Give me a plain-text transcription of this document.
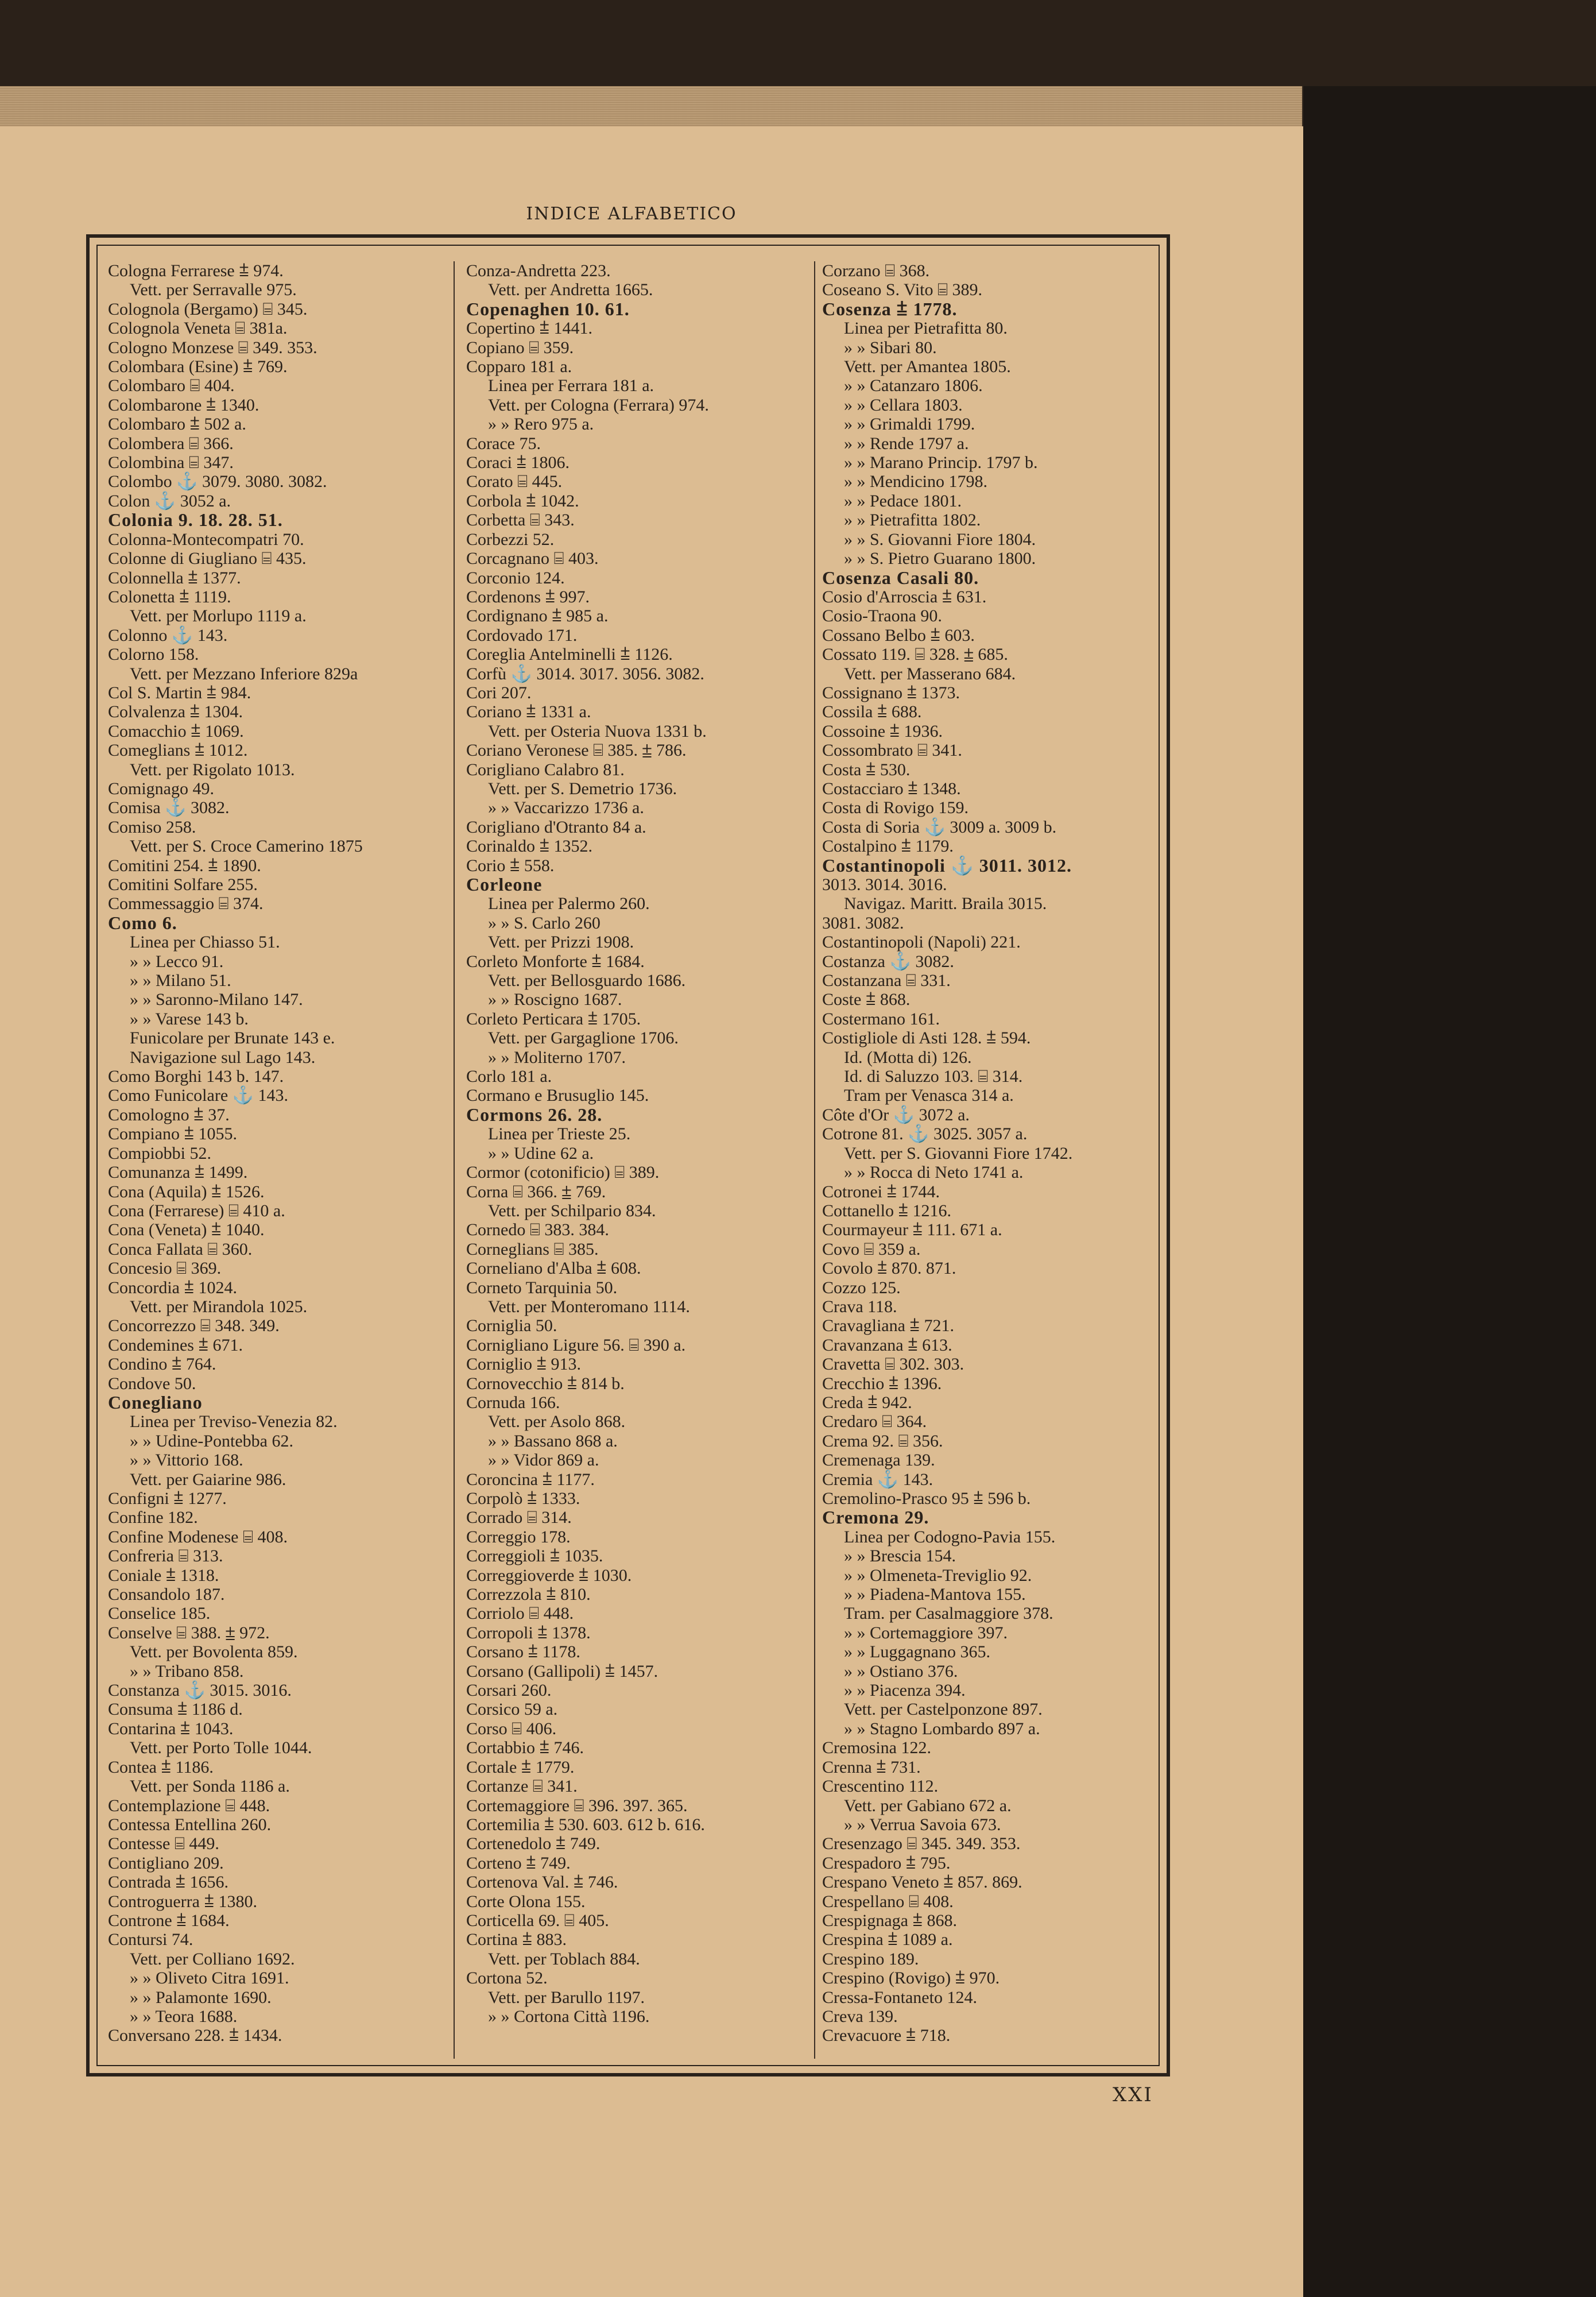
INDICE ALFABETICO
Cologna Ferrarese ⩲ 974.
Vett. per Serravalle 975.
Colognola (Bergamo) ⌸ 345.
Colognola Veneta ⌸ 381a.
Cologno Monzese ⌸ 349. 353.
Colombara (Esine) ⩲ 769.
Colombaro ⌸ 404.
Colombarone ⩲ 1340.
Colombaro ⩲ 502 a.
Colombera ⌸ 366.
Colombina ⌸ 347.
Colombo ⚓ 3079. 3080. 3082.
Colon ⚓ 3052 a.
Colonia 9. 18. 28. 51.
Colonna-Montecompatri 70.
Colonne di Giugliano ⌸ 435.
Colonnella ⩲ 1377.
Colonetta ⩲ 1119.
Vett. per Morlupo 1119 a.
Colonno ⚓ 143.
Colorno 158.
Vett. per Mezzano Inferiore 829a
Col S. Martin ⩲ 984.
Colvalenza ⩲ 1304.
Comacchio ⩲ 1069.
Comeglians ⩲ 1012.
Vett. per Rigolato 1013.
Comignago 49.
Comisa ⚓ 3082.
Comiso 258.
Vett. per S. Croce Camerino 1875
Comitini 254. ⩲ 1890.
Comitini Solfare 255.
Commessaggio ⌸ 374.
Como 6.
Linea per Chiasso 51.
» » Lecco 91.
» » Milano 51.
» » Saronno-Milano 147.
» » Varese 143 b.
Funicolare per Brunate 143 e.
Navigazione sul Lago 143.
Como Borghi 143 b. 147.
Como Funicolare ⚓ 143.
Comologno ⩲ 37.
Compiano ⩲ 1055.
Compiobbi 52.
Comunanza ⩲ 1499.
Cona (Aquila) ⩲ 1526.
Cona (Ferrarese) ⌸ 410 a.
Cona (Veneta) ⩲ 1040.
Conca Fallata ⌸ 360.
Concesio ⌸ 369.
Concordia ⩲ 1024.
Vett. per Mirandola 1025.
Concorrezzo ⌸ 348. 349.
Condemines ⩲ 671.
Condino ⩲ 764.
Condove 50.
Conegliano
Linea per Treviso-Venezia 82.
» » Udine-Pontebba 62.
» » Vittorio 168.
Vett. per Gaiarine 986.
Configni ⩲ 1277.
Confine 182.
Confine Modenese ⌸ 408.
Confreria ⌸ 313.
Coniale ⩲ 1318.
Consandolo 187.
Conselice 185.
Conselve ⌸ 388. ⩲ 972.
Vett. per Bovolenta 859.
» » Tribano 858.
Constanza ⚓ 3015. 3016.
Consuma ⩲ 1186 d.
Contarina ⩲ 1043.
Vett. per Porto Tolle 1044.
Contea ⩲ 1186.
Vett. per Sonda 1186 a.
Contemplazione ⌸ 448.
Contessa Entellina 260.
Contesse ⌸ 449.
Contigliano 209.
Contrada ⩲ 1656.
Controguerra ⩲ 1380.
Controne ⩲ 1684.
Contursi 74.
Vett. per Colliano 1692.
» » Oliveto Citra 1691.
» » Palamonte 1690.
» » Teora 1688.
Conversano 228. ⩲ 1434.
Conza-Andretta 223.
Vett. per Andretta 1665.
Copenaghen 10. 61.
Copertino ⩲ 1441.
Copiano ⌸ 359.
Copparo 181 a.
Linea per Ferrara 181 a.
Vett. per Cologna (Ferrara) 974.
» » Rero 975 a.
Corace 75.
Coraci ⩲ 1806.
Corato ⌸ 445.
Corbola ⩲ 1042.
Corbetta ⌸ 343.
Corbezzi 52.
Corcagnano ⌸ 403.
Corconio 124.
Cordenons ⩲ 997.
Cordignano ⩲ 985 a.
Cordovado 171.
Coreglia Antelminelli ⩲ 1126.
Corfù ⚓ 3014. 3017. 3056. 3082.
Cori 207.
Coriano ⩲ 1331 a.
Vett. per Osteria Nuova 1331 b.
Coriano Veronese ⌸ 385. ⩲ 786.
Corigliano Calabro 81.
Vett. per S. Demetrio 1736.
» » Vaccarizzo 1736 a.
Corigliano d'Otranto 84 a.
Corinaldo ⩲ 1352.
Corio ⩲ 558.
Corleone
Linea per Palermo 260.
» » S. Carlo 260
Vett. per Prizzi 1908.
Corleto Monforte ⩲ 1684.
Vett. per Bellosguardo 1686.
» » Roscigno 1687.
Corleto Perticara ⩲ 1705.
Vett. per Gargaglione 1706.
» » Moliterno 1707.
Corlo 181 a.
Cormano e Brusuglio 145.
Cormons 26. 28.
Linea per Trieste 25.
» » Udine 62 a.
Cormor (cotonificio) ⌸ 389.
Corna ⌸ 366. ⩲ 769.
Vett. per Schilpario 834.
Cornedo ⌸ 383. 384.
Corneglians ⌸ 385.
Corneliano d'Alba ⩲ 608.
Corneto Tarquinia 50.
Vett. per Monteromano 1114.
Corniglia 50.
Cornigliano Ligure 56. ⌸ 390 a.
Corniglio ⩲ 913.
Cornovecchio ⩲ 814 b.
Cornuda 166.
Vett. per Asolo 868.
» » Bassano 868 a.
» » Vidor 869 a.
Coroncina ⩲ 1177.
Corpolò ⩲ 1333.
Corrado ⌸ 314.
Correggio 178.
Correggioli ⩲ 1035.
Correggioverde ⩲ 1030.
Correzzola ⩲ 810.
Corriolo ⌸ 448.
Corropoli ⩲ 1378.
Corsano ⩲ 1178.
Corsano (Gallipoli) ⩲ 1457.
Corsari 260.
Corsico 59 a.
Corso ⌸ 406.
Cortabbio ⩲ 746.
Cortale ⩲ 1779.
Cortanze ⌸ 341.
Cortemaggiore ⌸ 396. 397. 365.
Cortemilia ⩲ 530. 603. 612 b. 616.
Cortenedolo ⩲ 749.
Corteno ⩲ 749.
Cortenova Val. ⩲ 746.
Corte Olona 155.
Corticella 69. ⌸ 405.
Cortina ⩲ 883.
Vett. per Toblach 884.
Cortona 52.
Vett. per Barullo 1197.
» » Cortona Città 1196.
Corzano ⌸ 368.
Coseano S. Vito ⌸ 389.
Cosenza ⩲ 1778.
Linea per Pietrafitta 80.
» » Sibari 80.
Vett. per Amantea 1805.
» » Catanzaro 1806.
» » Cellara 1803.
» » Grimaldi 1799.
» » Rende 1797 a.
» » Marano Princip. 1797 b.
» » Mendicino 1798.
» » Pedace 1801.
» » Pietrafitta 1802.
» » S. Giovanni Fiore 1804.
» » S. Pietro Guarano 1800.
Cosenza Casali 80.
Cosio d'Arroscia ⩲ 631.
Cosio-Traona 90.
Cossano Belbo ⩲ 603.
Cossato 119. ⌸ 328. ⩲ 685.
Vett. per Masserano 684.
Cossignano ⩲ 1373.
Cossila ⩲ 688.
Cossoine ⩲ 1936.
Cossombrato ⌸ 341.
Costa ⩲ 530.
Costacciaro ⩲ 1348.
Costa di Rovigo 159.
Costa di Soria ⚓ 3009 a. 3009 b.
Costalpino ⩲ 1179.
Costantinopoli ⚓ 3011. 3012.
3013. 3014. 3016.
Navigaz. Maritt. Braila 3015.
3081. 3082.
Costantinopoli (Napoli) 221.
Costanza ⚓ 3082.
Costanzana ⌸ 331.
Coste ⩲ 868.
Costermano 161.
Costigliole di Asti 128. ⩲ 594.
Id. (Motta di) 126.
Id. di Saluzzo 103. ⌸ 314.
Tram per Venasca 314 a.
Côte d'Or ⚓ 3072 a.
Cotrone 81. ⚓ 3025. 3057 a.
Vett. per S. Giovanni Fiore 1742.
» » Rocca di Neto 1741 a.
Cotronei ⩲ 1744.
Cottanello ⩲ 1216.
Courmayeur ⩲ 111. 671 a.
Covo ⌸ 359 a.
Covolo ⩲ 870. 871.
Cozzo 125.
Crava 118.
Cravagliana ⩲ 721.
Cravanzana ⩲ 613.
Cravetta ⌸ 302. 303.
Crecchio ⩲ 1396.
Creda ⩲ 942.
Credaro ⌸ 364.
Crema 92. ⌸ 356.
Cremenaga 139.
Cremia ⚓ 143.
Cremolino-Prasco 95 ⩲ 596 b.
Cremona 29.
Linea per Codogno-Pavia 155.
» » Brescia 154.
» » Olmeneta-Treviglio 92.
» » Piadena-Mantova 155.
Tram. per Casalmaggiore 378.
» » Cortemaggiore 397.
» » Luggagnano 365.
» » Ostiano 376.
» » Piacenza 394.
Vett. per Castelponzone 897.
» » Stagno Lombardo 897 a.
Cremosina 122.
Crenna ⩲ 731.
Crescentino 112.
Vett. per Gabiano 672 a.
» » Verrua Savoia 673.
Cresenzago ⌸ 345. 349. 353.
Crespadoro ⩲ 795.
Crespano Veneto ⩲ 857. 869.
Crespellano ⌸ 408.
Crespignaga ⩲ 868.
Crespina ⩲ 1089 a.
Crespino 189.
Crespino (Rovigo) ⩲ 970.
Cressa-Fontaneto 124.
Creva 139.
Crevacuore ⩲ 718.
XXI
